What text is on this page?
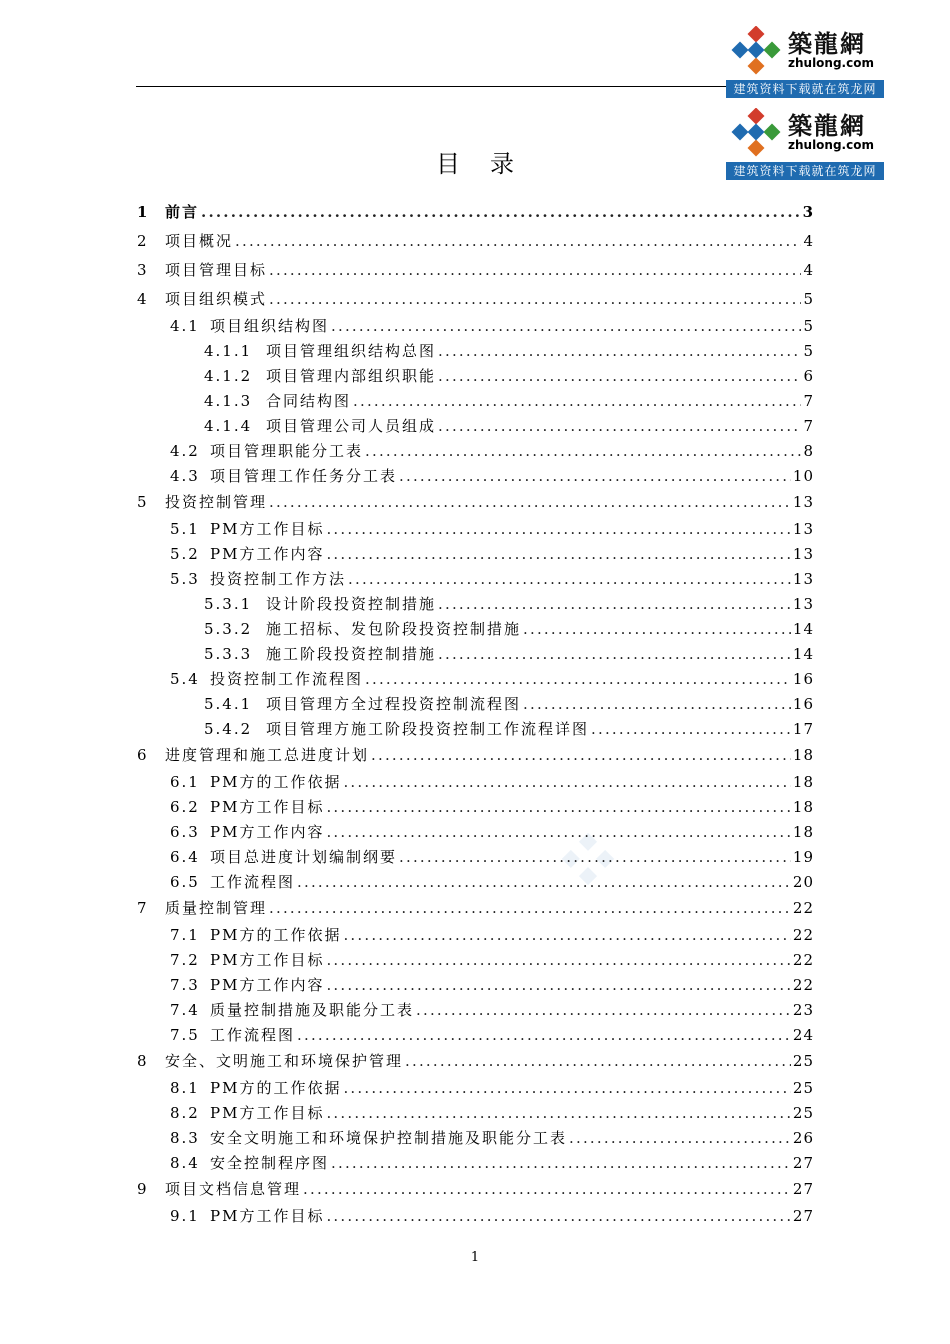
築龍網
zhulong.com
建筑资料下载就在筑龙网
築龍網
zhulong.com
建筑资料下载就在筑龙网
目录
1	前言 .....	3
2	项目概况 .....	4
3	项目管理目标 .....	4
4	项目组织模式 .....	5
4.1 项目组织结构图 .....	5
4.1.1 项目管理组织结构总图 .....	5
4.1.2 项目管理内部组织职能 .....	6
4.1.3 合同结构图 .....	7
4.1.4 项目管理公司人员组成 .....	7
4.2 项目管理职能分工表 .....	8
4.3 项目管理工作任务分工表 .....	10
5	投资控制管理 .....	13
5.1 PM方工作目标 .....	13
5.2 PM方工作内容 .....	13
5.3 投资控制工作方法 .....	13
5.3.1 设计阶段投资控制措施 .....	13
5.3.2 施工招标、发包阶段投资控制措施 .....	14
5.3.3 施工阶段投资控制措施 .....	14
5.4 投资控制工作流程图 .....	16
5.4.1 项目管理方全过程投资控制流程图 .....	16
5.4.2 项目管理方施工阶段投资控制工作流程详图 .....	17
6	进度管理和施工总进度计划 .....	18
6.1 PM方的工作依据 .....	18
6.2 PM方工作目标 .....	18
6.3 PM方工作内容 .....	18
6.4 项目总进度计划编制纲要 .....	19
6.5 工作流程图 .....	20
7	质量控制管理 .....	22
7.1 PM方的工作依据 .....	22
7.2 PM方工作目标 .....	22
7.3 PM方工作内容 .....	22
7.4 质量控制措施及职能分工表 .....	23
7.5 工作流程图 .....	24
8	安全、文明施工和环境保护管理 .....	25
8.1 PM方的工作依据 .....	25
8.2 PM方工作目标 .....	25
8.3 安全文明施工和环境保护控制措施及职能分工表 .....	26
8.4 安全控制程序图 .....	27
9	项目文档信息管理 .....	27
9.1 PM方工作目标 .....	27
1
